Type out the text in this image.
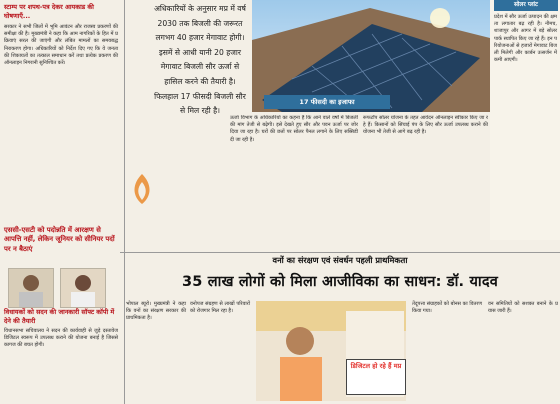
स्टाम्प पर शपथ-पत्र देकर आयकाड की घोषणाएँ...
सरकार ने सभी जिलों में भूमि आवंटन और राजस्व प्रकरणों की समीक्षा की है। मुख्यमंत्री ने कहा कि आम नागरिकों के हित में प्रक्रियाएं सरल की जाएंगी और लंबित मामलों का समयबद्ध निराकरण होगा। अधिकारियों को निर्देश दिए गए कि वे जनता की शिकायतों का तत्काल समाधान करें तथा प्रत्येक प्रकरण की ऑनलाइन निगरानी सुनिश्चित करें।
एससी-एसटी को पदोन्नति में आरक्षण से आपत्ति नहीं, लेकिन जूनियर को सीनियर पदों पर न बैठाएं
विधायकों को सदन की जानकारी सॉफ्ट कॉपी में देने की तैयारी
विधानसभा सचिवालय ने सदन की कार्यवाही से जुड़े दस्तावेज डिजिटल स्वरूप में उपलब्ध कराने की योजना बनाई है जिससे कागज की बचत होगी।
अधिकारियों के अनुसार मप्र में वर्ष 2030 तक बिजली की जरूरत लगभग 40 हजार मेगावाट होगी। इसमें से आधी यानी 20 हजार मेगावाट बिजली सौर ऊर्जा से हासिल करने की तैयारी है। फिलहाल 17 फीसदी बिजली सौर से मिल रही है।
17 फीसदी का इजाफा
सोलर प्लांट
प्रदेश में सौर ऊर्जा उत्पादन की क्षमता लगातार बढ़ रही है। नीमच, शाजापुर और आगर में बड़े सोलर पार्क स्थापित किए जा रहे हैं। इन परियोजनाओं से हजारों मेगावाट बिजली मिलेगी और कार्बन उत्सर्जन में कमी आएगी।
ऊर्जा विभाग के अधिकारियों का कहना है कि आने वाले वर्षों में बिजली की मांग तेजी से बढ़ेगी। इसे देखते हुए सौर और पवन ऊर्जा पर जोर दिया जा रहा है। घरों की छतों पर सोलर पैनल लगाने के लिए सब्सिडी दी जा रही है।
रूफटॉप सोलर योजना के तहत आवेदन ऑनलाइन स्वीकार किए जा रहे हैं। किसानों को सिंचाई पंप के लिए सौर ऊर्जा उपलब्ध कराने की योजना भी तेजी से आगे बढ़ रही है।
वनों का संरक्षण एवं संवर्धन पहली प्राथमिकता
35 लाख लोगों को मिला आजीविका का साधन: डॉ. यादव
भोपाल ब्यूरो। मुख्यमंत्री ने कहा कि वनों का संरक्षण सरकार की प्राथमिकता है।
वनोपज संग्रहण से लाखों परिवारों को रोजगार मिल रहा है।
डिजिटल हो रहे हैं मप्र
तेंदूपत्ता संग्राहकों को बोनस का वितरण किया गया।
वन समितियों को सशक्त बनाने के प्रयास जारी हैं।
